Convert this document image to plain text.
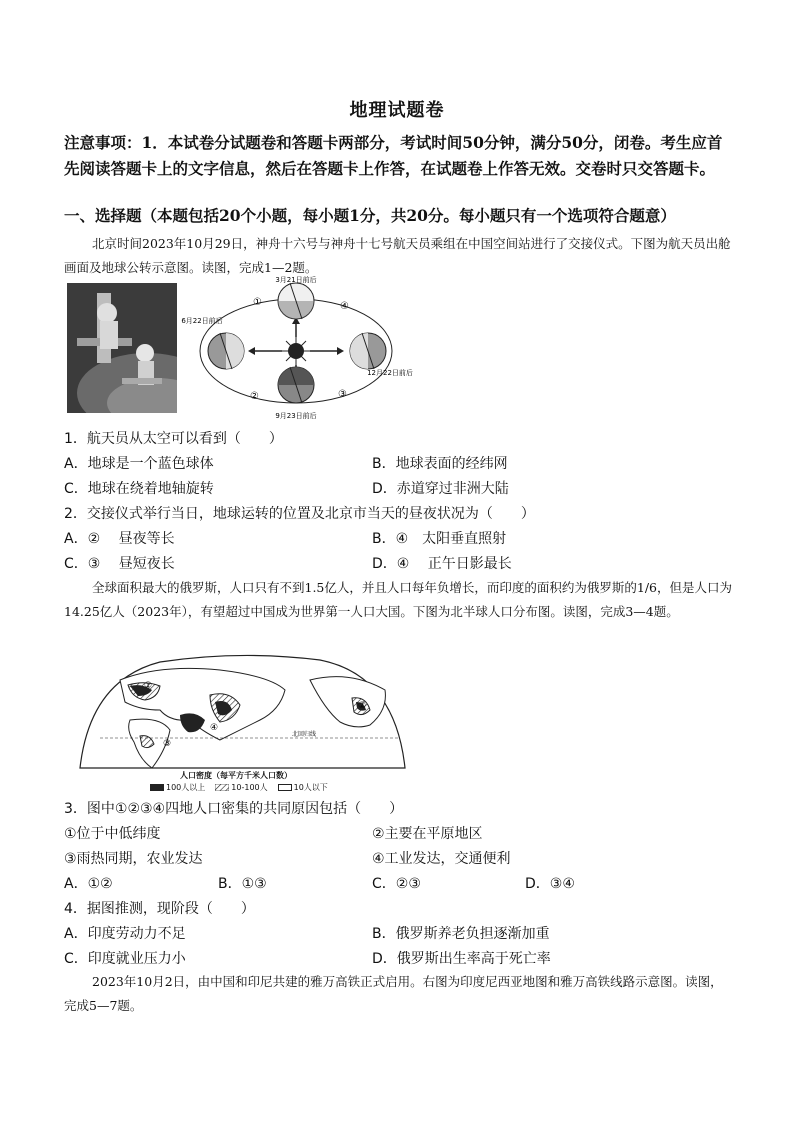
地理试题卷
注意事项：1．本试卷分试题卷和答题卡两部分，考试时间50分钟，满分50分，闭卷。考生应首先阅读答题卡上的文字信息，然后在答题卡上作答，在试题卷上作答无效。交卷时只交答题卡。
一、选择题（本题包括20个小题，每小题1分，共20分。每小题只有一个选项符合题意）
北京时间2023年10月29日，神舟十六号与神舟十七号航天员乘组在中国空间站进行了交接仪式。下图为航天员出舱画面及地球公转示意图。读图，完成1—2题。
3月21日前后
6月22日前后
12月22日前后
9月23日前后
①	④
②	③
1．航天员从太空可以看到（　　）
A．地球是一个蓝色球体	B．地球表面的经纬网
C．地球在绕着地轴旋转	D．赤道穿过非洲大陆
2．交接仪式举行当日，地球运转的位置及北京市当天的昼夜状况为（　　）
A．②　 昼夜等长	B．④　太阳垂直照射
C．③　 昼短夜长	D．④　 正午日影最长
全球面积最大的俄罗斯，人口只有不到1.5亿人，并且人口每年负增长，而印度的面积约为俄罗斯的1/6，但是人口为14.25亿人（2023年），有望超过中国成为世界第一人口大国。下图为北半球人口分布图。读图，完成3—4题。
北回归线
①
②
③
④
人口密度（每平方千米人口数）
100人以上	10-100人	10人以下
3．图中①②③④四地人口密集的共同原因包括（　　）
①位于中低纬度	②主要在平原地区
③雨热同期，农业发达	④工业发达，交通便利
A．①②	B．①③	C．②③	D．③④
4．据图推测，现阶段（　　）
A．印度劳动力不足	B．俄罗斯养老负担逐渐加重
C．印度就业压力小	D．俄罗斯出生率高于死亡率
2023年10月2日，由中国和印尼共建的雅万高铁正式启用。右图为印度尼西亚地图和雅万高铁线路示意图。读图，完成5—7题。
